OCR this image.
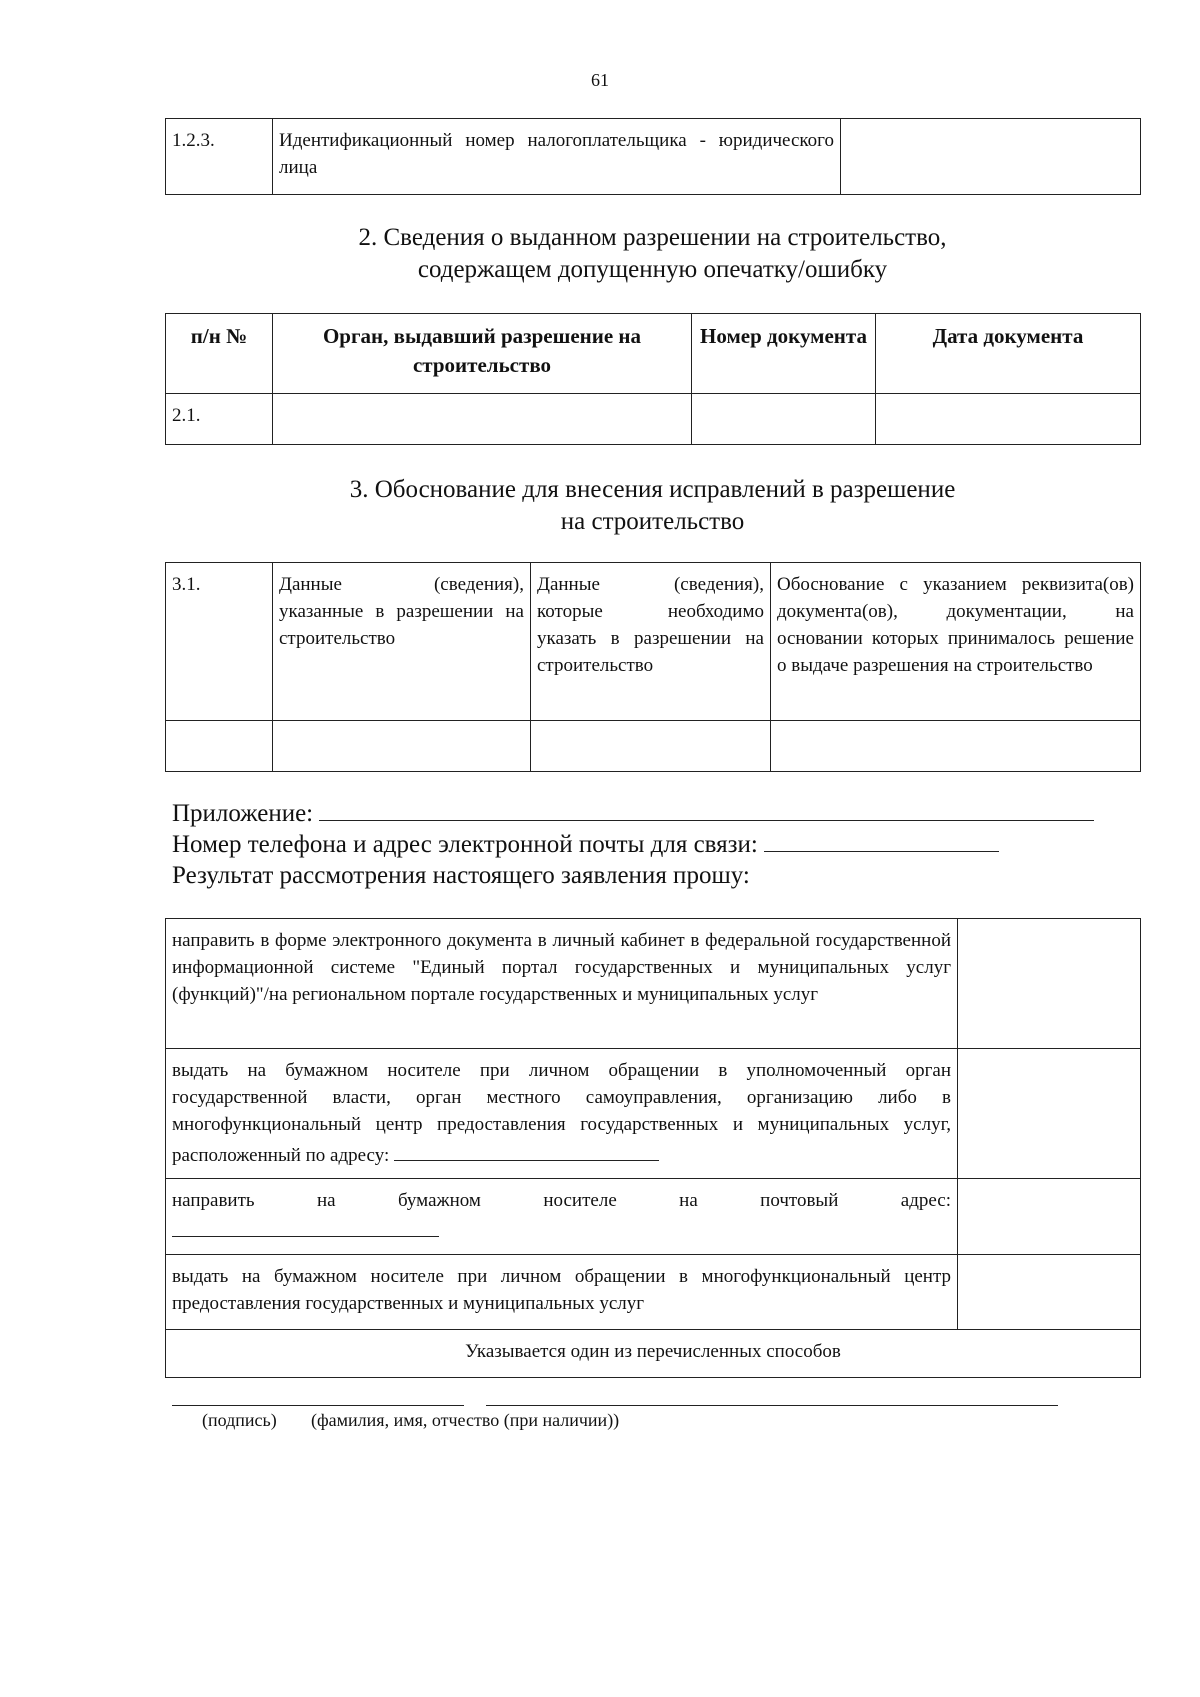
61
1.2.3.	Идентификационный номер налогоплательщика - юридического лица	
2. Сведения о выданном разрешении на строительство,
содержащем допущенную опечатку/ошибку
п/н №	Орган, выдавший разрешение на строительство	Номер документа	Дата документа
2.1.			
3. Обоснование для внесения исправлений в разрешение
на строительство
3.1.	Данные (сведения), указанные в разрешении на строительство	Данные (сведения), которые необходимо указать в разрешении на строительство	Обоснование с указанием реквизита(ов) документа(ов), документации, на основании которых принималось решение о выдаче разрешения на строительство

Приложение:
Номер телефона и адрес электронной почты для связи:
Результат рассмотрения настоящего заявления прошу:
направить в форме электронного документа в личный кабинет в федеральной государственной информационной системе "Единый портал государственных и муниципальных услуг (функций)"/на региональном портале государственных и муниципальных услуг	
выдать на бумажном носителе при личном обращении в уполномоченный орган государственной власти, орган местного самоуправления, организацию либо в многофункциональный центр предоставления государственных и муниципальных услуг, расположенный по адресу:	

направить на бумажном носителе на почтовый адрес:	

выдать на бумажном носителе при личном обращении в многофункциональный центр предоставления государственных и муниципальных услуг	
Указывается один из перечисленных способов	
(подпись) (фамилия, имя, отчество (при наличии))
